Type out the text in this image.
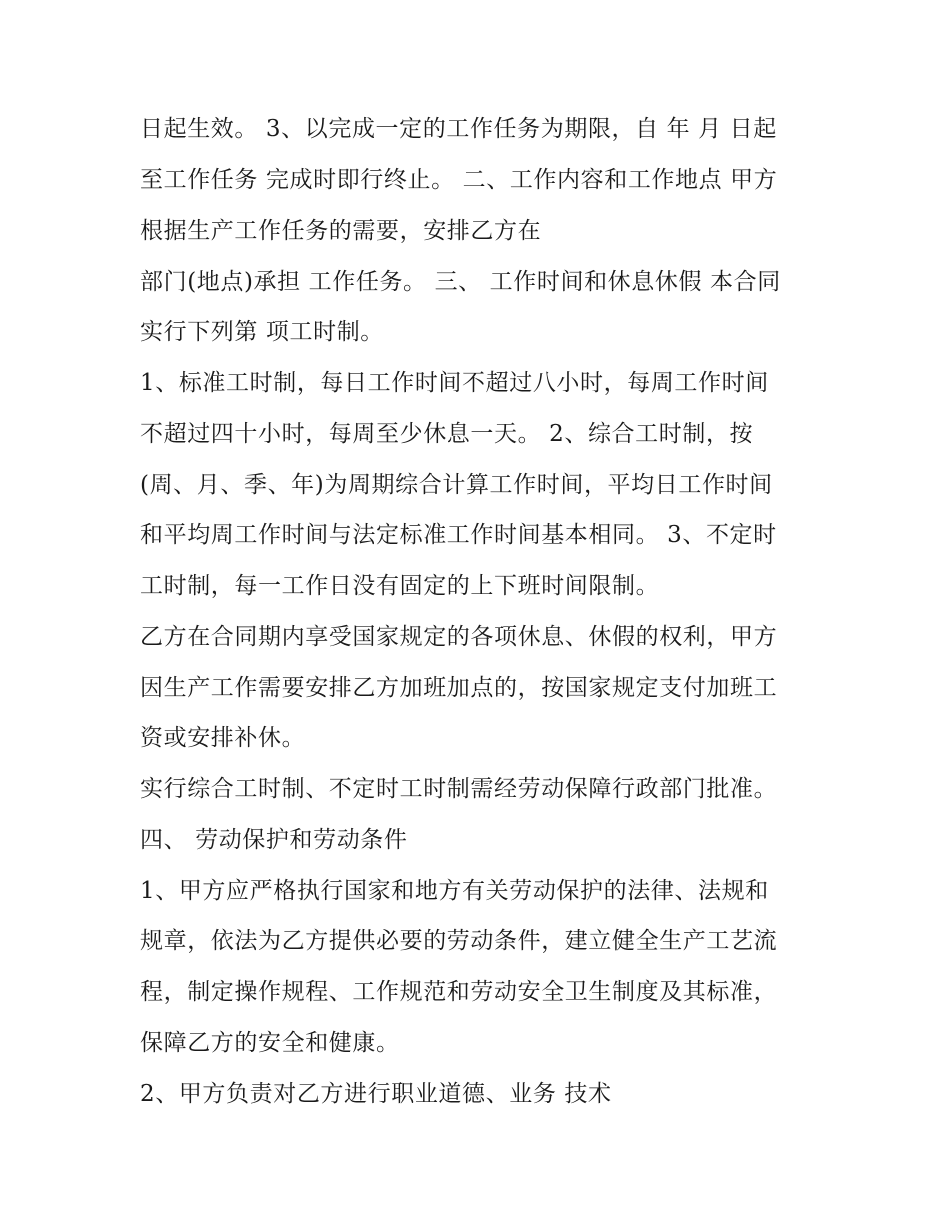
日起生效。 3、以完成一定的工作任务为期限，自 年 月 日起
至工作任务 完成时即行终止。 二、工作内容和工作地点 甲方
根据生产工作任务的需要，安排乙方在
部门(地点)承担 工作任务。 三、 工作时间和休息休假 本合同
实行下列第 项工时制。
1、标准工时制，每日工作时间不超过八小时，每周工作时间
不超过四十小时，每周至少休息一天。 2、综合工时制，按
(周、月、季、年)为周期综合计算工作时间，平均日工作时间
和平均周工作时间与法定标准工作时间基本相同。 3、不定时
工时制，每一工作日没有固定的上下班时间限制。
乙方在合同期内享受国家规定的各项休息、休假的权利，甲方
因生产工作需要安排乙方加班加点的，按国家规定支付加班工
资或安排补休。
实行综合工时制、不定时工时制需经劳动保障行政部门批准。
四、 劳动保护和劳动条件
1、甲方应严格执行国家和地方有关劳动保护的法律、法规和
规章，依法为乙方提供必要的劳动条件，建立健全生产工艺流
程，制定操作规程、工作规范和劳动安全卫生制度及其标准，
保障乙方的安全和健康。
2、甲方负责对乙方进行职业道德、业务 技术
